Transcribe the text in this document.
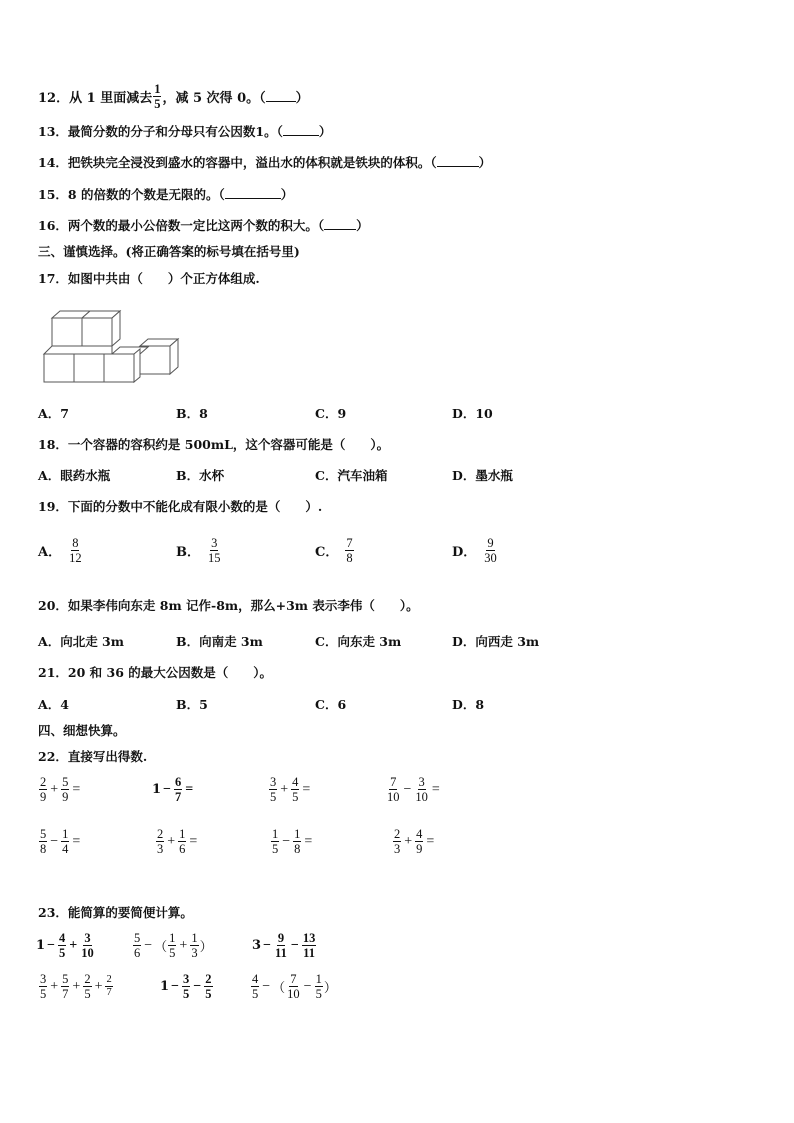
12．从 1 里面减去 $\frac{1}{5}$ ，减 5 次得 0。（ ）
13．最简分数的分子和分母只有公因数1。（	）
14．把铁块完全浸没到盛水的容器中，溢出水的体积就是铁块的体积。（	）
15．8 的倍数的个数是无限的。（	）
16．两个数的最小公倍数一定比这两个数的积大。（	）
三、谨慎选择。(将正确答案的标号填在括号里)
17．如图中共由（　　）个正方体组成.
A．7	B．8	C．9	D．10
18．一个容器的容积约是 500mL，这个容器可能是（　　）。
A．眼药水瓶	B．水杯	C．汽车油箱	D．墨水瓶
19．下面的分数中不能化成有限小数的是（　　）.
A． $\frac{8}{12}$	B． $\frac{3}{15}$	C． $\frac{7}{8}$	D． $\frac{9}{30}$
20．如果李伟向东走 8m 记作-8m，那么+3m 表示李伟（　　）。
A．向北走 3m	B．向南走 3m	C．向东走 3m	D．向西走 3m
21．20 和 36 的最大公因数是（　　）。
A．4	B．5	C．6	D．8
四、细想快算。
22．直接写出得数.
$\frac{2}{9} + \frac{5}{9}$ =	$1 - \frac{6}{7}$ =	$\frac{3}{5} + \frac{4}{5}$ =	$\frac{7}{10} - \frac{3}{10}$ =
$\frac{5}{8} - \frac{1}{4}$ =	$\frac{2}{3} + \frac{1}{6}$ =	$\frac{1}{5} - \frac{1}{8}$ =	$\frac{2}{3} + \frac{4}{9}$ =
23．能简算的要简便计算。
$1 - \frac{4}{5} + \frac{3}{10}$	$\frac{5}{6}$ − （ $\frac{1}{5} + \frac{1}{3}$ ）	$3 - \frac{9}{11} - \frac{13}{11}$
$\frac{3}{5} + \frac{5}{7} + \frac{2}{5} + \frac{2}{7}$	$1 - \frac{3}{5} - \frac{2}{5}$	$\frac{4}{5}$ − （ $\frac{7}{10} - \frac{1}{5}$ ）
